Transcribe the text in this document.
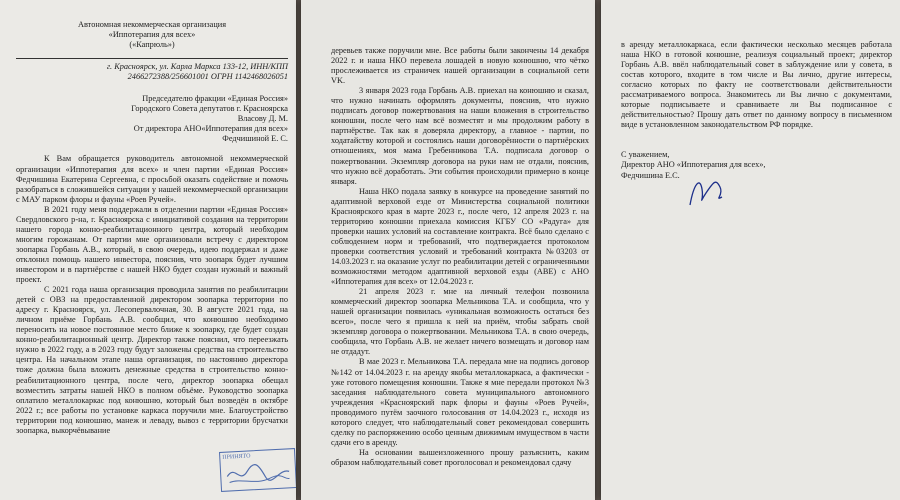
Автономная некоммерческая организация

«Иппотерапия для всех»

(«Капрюль»)

г. Красноярск, ул. Карла Маркса 133-12, ИНН/КПП

2466272388/256601001 ОГРН 1142468026051

Председателю фракции «Единая Россия»

Городского Совета депутатов г. Красноярска

Власову Д. М.

От директора АНО«Иппотерапия для всех»

Федчишиной Е. С.

К Вам обращается руководитель автономной некоммерческой организации «Иппотерапия для всех» и член партии «Единая Россия» Федчишина Екатерина Сергеевна, с просьбой оказать содействие и помочь разобраться в сложившейся ситуации у нашей некоммерческой организации с МАУ парком флоры и фауны «Роев Ручей».

В 2021 году меня поддержали в отделении партии «Единая Россия» Свердловского р-на, г. Красноярска с инициативой создания на территории нашего города конно-реабилитационного центра, который необходим многим горожанам. От партии мне организовали встречу с директором зоопарка Горбань А.В., который, в свою очередь, идею поддержал и даже отклонил помощь нашего инвестора, пояснив, что зоопарк будет лучшим инвестором и в партнёрстве с нашей НКО будет создан нужный и важный проект.

С 2021 года наша организация проводила занятия по реабилитации детей с ОВЗ на предоставленной директором зоопарка территории по адресу г. Красноярск, ул. Лесопервалочная, 30. В августе 2021 года, на личном приёме Горбань А.В. сообщил, что конюшню необходимо переносить на новое постоянное место ближе к зоопарку, где будет создан конно-реабилитационный центр. Директор также пояснил, что переезжать нужно в 2022 году, а в 2023 году будут заложены средства на строительство центра. На начальном этапе наша организация, по настоянию директора тоже должна была вложить денежные средства в строительство конно-реабилитационного центра, после чего, директор зоопарка обещал возместить затраты нашей НКО в полном объёме. Руководство зоопарка оплатило металлокаркас под конюшню, который был возведён в октябре 2022 г.; все работы по установке каркаса поручили мне. Благоустройство территории под конюшню, манеж и леваду, вывоз с территории брусчатки зоопарка, выкорчёвывание

ПРИНЯТО

деревьев также поручили мне. Все работы были закончены 14 декабря 2022 г. и наша НКО перевела лошадей в новую конюшню, что чётко прослеживается из страничек нашей организации в социальной сети VK.

3 января 2023 года Горбань А.В. приехал на конюшню и сказал, что нужно начинать оформлять документы, пояснив, что нужно подписать договор пожертвования на наши вложения в строительство конюшни, после чего нам всё возместят и мы продолжим работу в партнёрстве. Так как я доверяла директору, а главное - партии, по ходатайству которой и состоялись наши договорённости о партнёрских отношениях, моя мама Гребенникова Т.А. подписала договор о пожертвовании. Экземпляр договора на руки нам не отдали, пояснив, что нужно всё доработать. Эти события происходили примерно в конце января.

Наша НКО подала заявку в конкурсе на проведение занятий по адаптивной верховой езде от Министерства социальной политики Красноярского края в марте 2023 г., после чего, 12 апреля 2023 г. на территорию конюшни приехала комиссия КГБУ СО «Радуга» для проверки наших условий на составление контракта. Всё было сделано с соблюдением норм и требований, что подтверждается протоколом проверки соответствия условий и требований контракта №03203 от 14.03.2023 г. на оказание услуг по реабилитации детей с ограниченными возможностями методом адаптивной верховой езды (АВЕ) с АНО «Иппотерапия для всех» от 12.04.2023 г.

21 апреля 2023 г. мне на личный телефон позвонила коммерческий директор зоопарка Мельникова Т.А. и сообщила, что у нашей организации появилась «уникальная возможность остаться без всего», после чего я пришла к ней на приём, чтобы забрать свой экземпляр договора о пожертвовании. Мельникова Т.А. в свою очередь, сообщила, что Горбань А.В. не желает ничего возмещать и договор нам не отдадут.

В мае 2023 г. Мельникова Т.А. передала мне на подпись договор №142 от 14.04.2023 г. на аренду якобы металлокаркаса, а фактически - уже готового помещения конюшни. Также я мне передали протокол №3 заседания наблюдательного совета муниципального автономного учреждения «Красноярский парк флоры и фауны «Роев Ручей», проводимого путём заочного голосования от 14.04.2023 г., исходя из которого следует, что наблюдательный совет рекомендовал совершить сделку по распоряжению особо ценным движимым имуществом в части сдачи его в аренду.

На основании вышеизложенного прошу разъяснить, каким образом наблюдательный совет проголосовал и рекомендовал сдачу

в аренду металлокаркаса, если фактически несколько месяцев работала наша НКО в готовой конюшне, реализуя социальный проект; директор Горбань А.В. ввёл наблюдательный совет в заблуждение или у совета, в состав которого, входите в том числе и Вы лично, другие интересы, согласно которых по факту не соответствовали действительности рассматриваемого вопроса. Знакомитесь ли Вы лично с документами, которые подписываете и сравниваете ли Вы подписанное с действительностью? Прошу дать ответ по данному вопросу в письменном виде в установленном законодательством РФ порядке.

С уважением,

Директор АНО «Иппотерапия для всех»,

Федчишина Е.С.
